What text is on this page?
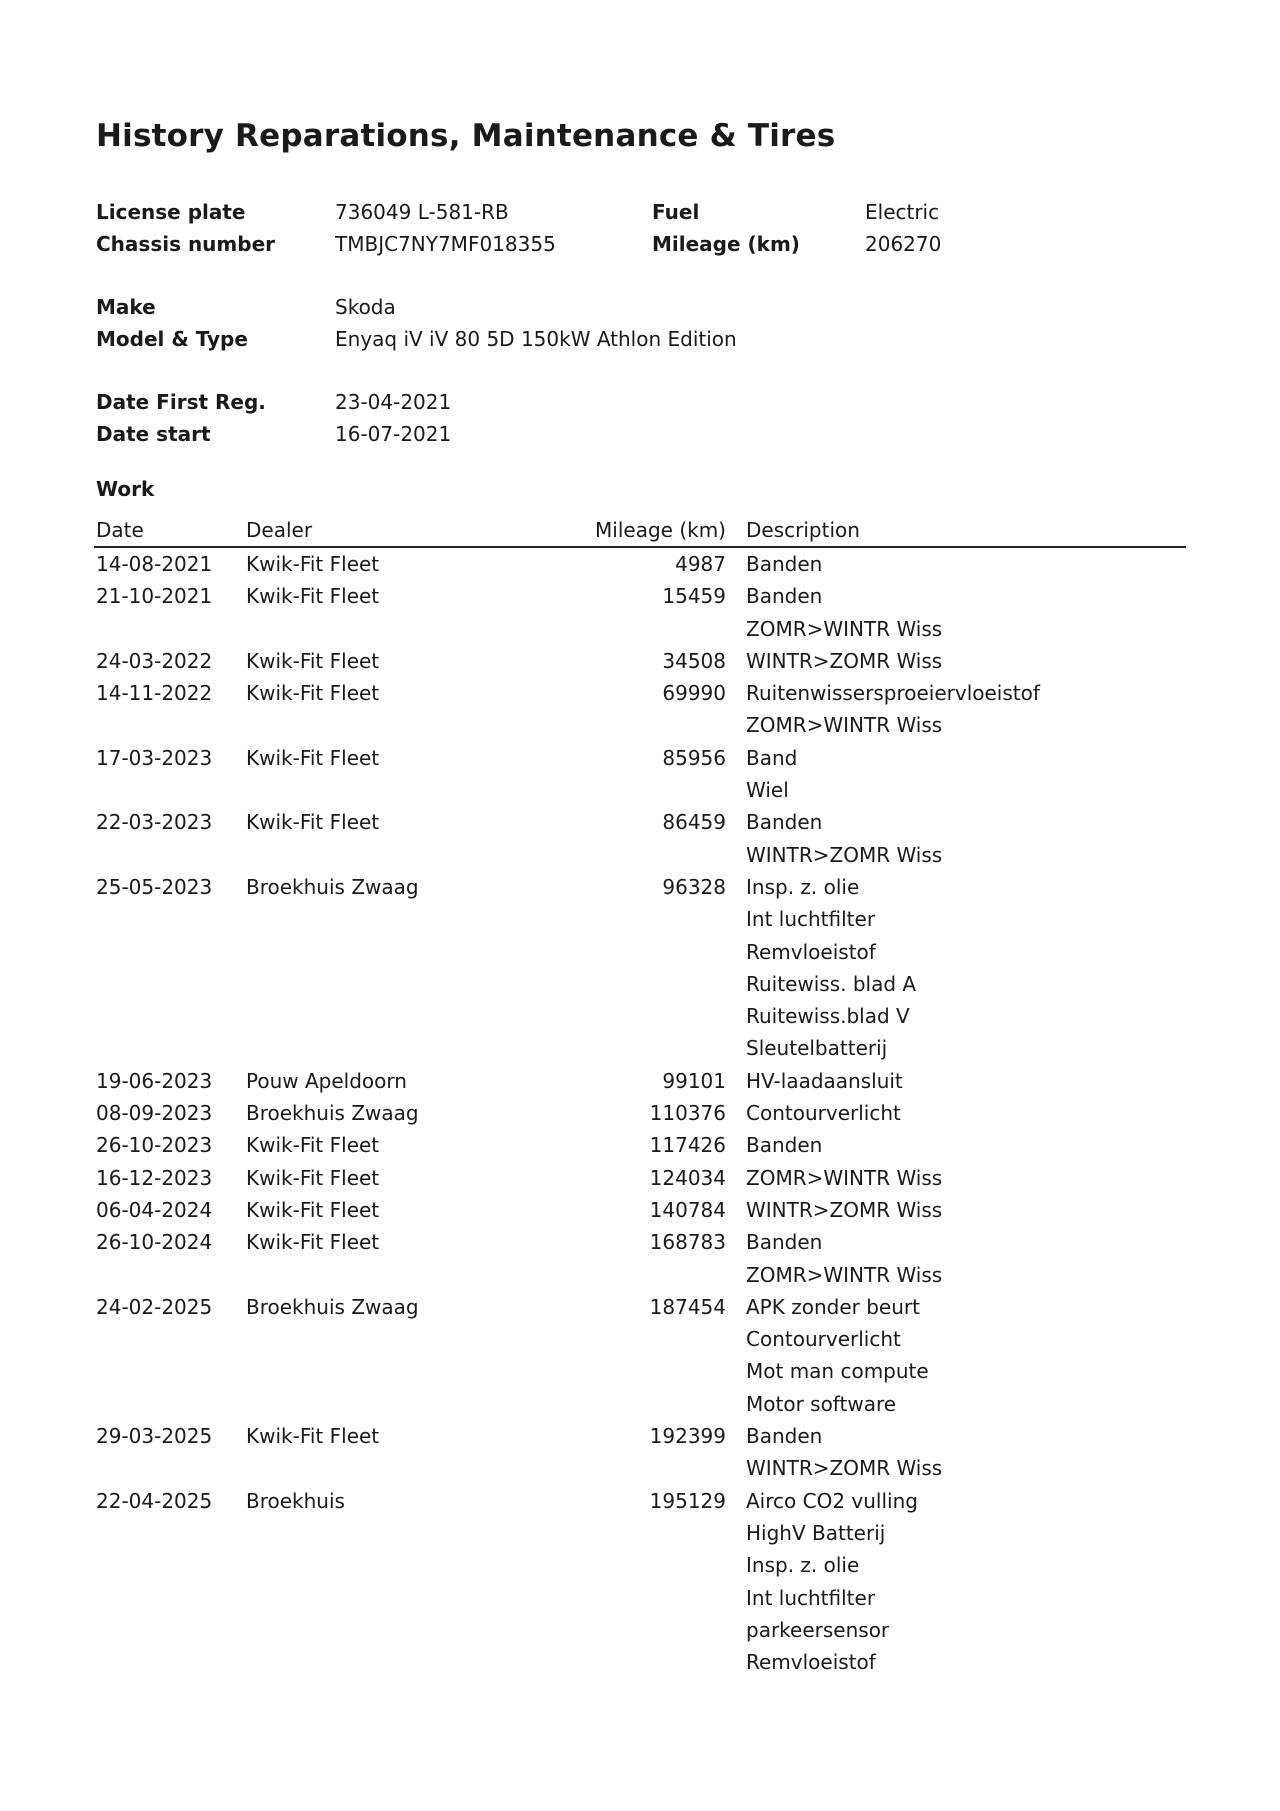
History Reparations, Maintenance & Tires
License plate	736049 L-581-RB	Fuel	Electric
Chassis number	TMBJC7NY7MF018355	Mileage (km)	206270
Make	Skoda
Model & Type	Enyaq iV iV 80 5D 150kW Athlon Edition
Date First Reg.	23-04-2021
Date start	16-07-2021
Work
Date	Dealer	Mileage (km)	Description
14-08-2021	Kwik-Fit Fleet	4987 Banden
21-10-2021	Kwik-Fit Fleet	15459 Banden
ZOMR>WINTR Wiss
24-03-2022	Kwik-Fit Fleet	34508 WINTR>ZOMR Wiss
14-11-2022	Kwik-Fit Fleet	69990 Ruitenwissersproeiervloeistof
ZOMR>WINTR Wiss
17-03-2023	Kwik-Fit Fleet	85956 Band
Wiel
22-03-2023	Kwik-Fit Fleet	86459 Banden
WINTR>ZOMR Wiss
25-05-2023	Broekhuis Zwaag	96328 Insp. z. olie
Int luchtfilter
Remvloeistof
Ruitewiss. blad A
Ruitewiss.blad V
Sleutelbatterij
19-06-2023	Pouw Apeldoorn	99101 HV-laadaansluit
08-09-2023	Broekhuis Zwaag	110376 Contourverlicht
26-10-2023	Kwik-Fit Fleet	117426 Banden
16-12-2023	Kwik-Fit Fleet	124034 ZOMR>WINTR Wiss
06-04-2024	Kwik-Fit Fleet	140784 WINTR>ZOMR Wiss
26-10-2024	Kwik-Fit Fleet	168783 Banden
ZOMR>WINTR Wiss
24-02-2025	Broekhuis Zwaag	187454 APK zonder beurt
Contourverlicht
Mot man compute
Motor software
29-03-2025	Kwik-Fit Fleet	192399 Banden
WINTR>ZOMR Wiss
22-04-2025	Broekhuis	195129 Airco CO2 vulling
HighV Batterij
Insp. z. olie
Int luchtfilter
parkeersensor
Remvloeistof
